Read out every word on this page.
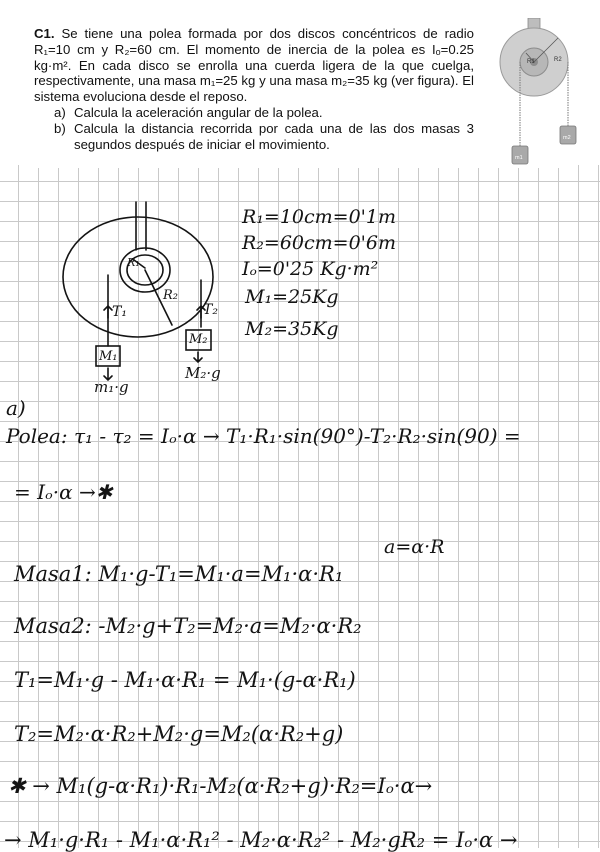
C1. Se tiene una polea formada por dos discos concéntricos de radio R₁=10 cm y R₂=60 cm. El momento de inercia de la polea es Iₒ=0.25 kg·m². En cada disco se enrolla una cuerda ligera de la que cuelga, respectivamente, una masa m₁=25 kg y una masa m₂=35 kg (ver figura). El sistema evoluciona desde el reposo.
a) Calcula la aceleración angular de la polea.
b) Calcula la distancia recorrida por cada una de las dos masas 3 segundos después de iniciar el movimiento.
R1	R2
m1
m2
R₁
R₂
T₁	T₂
M₁
M₂
m₁·g
M₂·g
R₁=10cm=0'1m
R₂=60cm=0'6m
Iₒ=0'25 Kg·m²
M₁=25Kg
M₂=35Kg
a)
Polea: τ₁ - τ₂ = Iₒ·α → T₁·R₁·sin(90°)-T₂·R₂·sin(90) =
= Iₒ·α →✱
a=α·R
Masa1: M₁·g-T₁=M₁·a=M₁·α·R₁
Masa2: -M₂·g+T₂=M₂·a=M₂·α·R₂
T₁=M₁·g - M₁·α·R₁ = M₁·(g-α·R₁)
T₂=M₂·α·R₂+M₂·g=M₂(α·R₂+g)
✱ → M₁(g-α·R₁)·R₁-M₂(α·R₂+g)·R₂=Iₒ·α→
→ M₁·g·R₁ - M₁·α·R₁² - M₂·α·R₂² - M₂·gR₂ = Iₒ·α →
